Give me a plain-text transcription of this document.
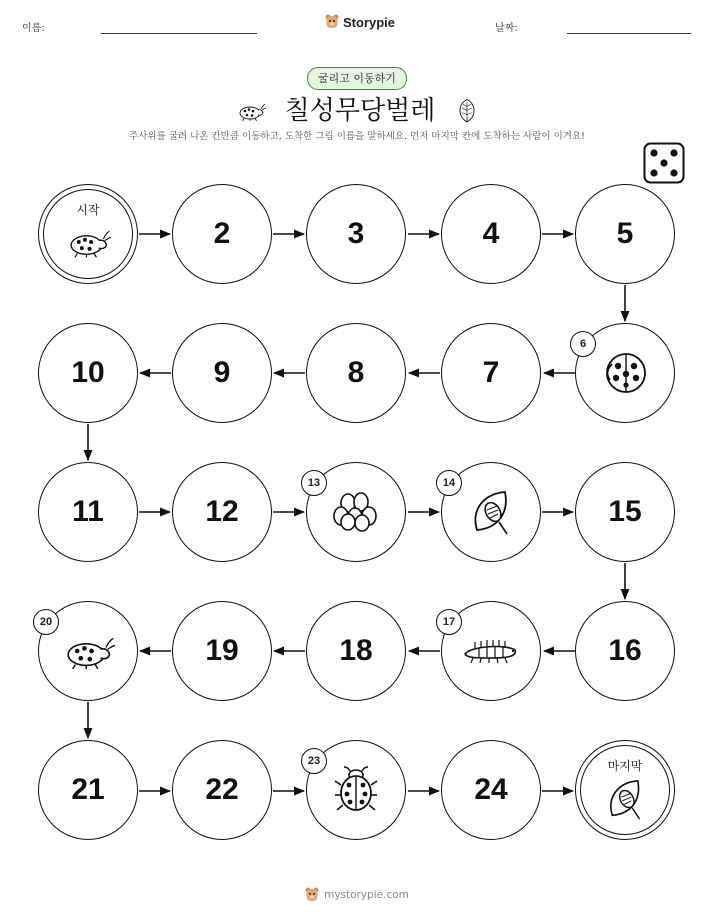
이름:	Storypie	날짜:
굴리고 이동하기
칠성무당벌레
주사위를 굴려 나온 칸만큼 이동하고, 도착한 그림 이름을 말하세요. 먼저 마지막 칸에 도착하는 사람이 이겨요!
시작
2	3	4	5
10	9	8	7
6
11	12
13	14
15
20
19	18
17
16
21	22
23
24
마지막
mystorypie.com
